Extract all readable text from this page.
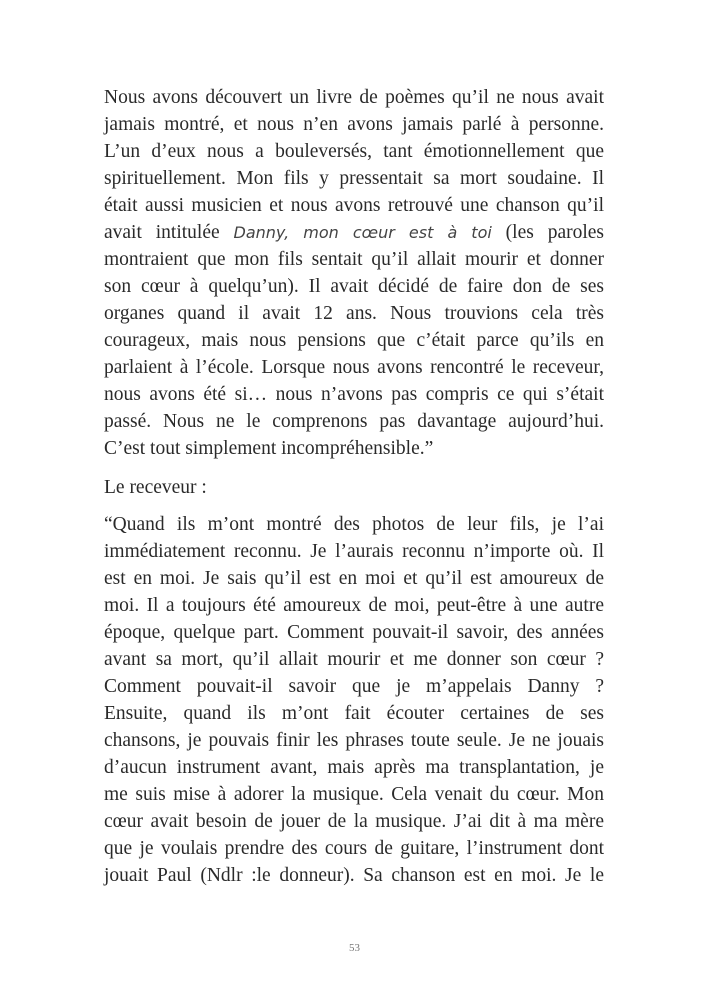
Nous avons découvert un livre de poèmes qu’il ne nous avait
jamais montré, et nous n’en avons jamais parlé à personne.
L’un d’eux nous a bouleversés, tant émotionnellement que
spirituellement. Mon fils y pressentait sa mort soudaine. Il
était aussi musicien et nous avons retrouvé une chanson qu’il
avait intitulée Danny, mon cœur est à toi (les paroles
montraient que mon fils sentait qu’il allait mourir et donner
son cœur à quelqu’un). Il avait décidé de faire don de ses
organes quand il avait 12 ans. Nous trouvions cela très
courageux, mais nous pensions que c’était parce qu’ils en
parlaient à l’école. Lorsque nous avons rencontré le receveur,
nous avons été si… nous n’avons pas compris ce qui s’était
passé. Nous ne le comprenons pas davantage aujourd’hui.
C’est tout simplement incompréhensible.”
Le receveur :
“Quand ils m’ont montré des photos de leur fils, je l’ai
immédiatement reconnu. Je l’aurais reconnu n’importe où. Il
est en moi. Je sais qu’il est en moi et qu’il est amoureux de
moi. Il a toujours été amoureux de moi, peut-être à une autre
époque, quelque part. Comment pouvait-il savoir, des années
avant sa mort, qu’il allait mourir et me donner son cœur ?
Comment pouvait-il savoir que je m’appelais Danny ?
Ensuite, quand ils m’ont fait écouter certaines de ses
chansons, je pouvais finir les phrases toute seule. Je ne jouais
d’aucun instrument avant, mais après ma transplantation, je
me suis mise à adorer la musique. Cela venait du cœur. Mon
cœur avait besoin de jouer de la musique. J’ai dit à ma mère
que je voulais prendre des cours de guitare, l’instrument dont
jouait Paul (Ndlr :le donneur). Sa chanson est en moi. Je le
53
